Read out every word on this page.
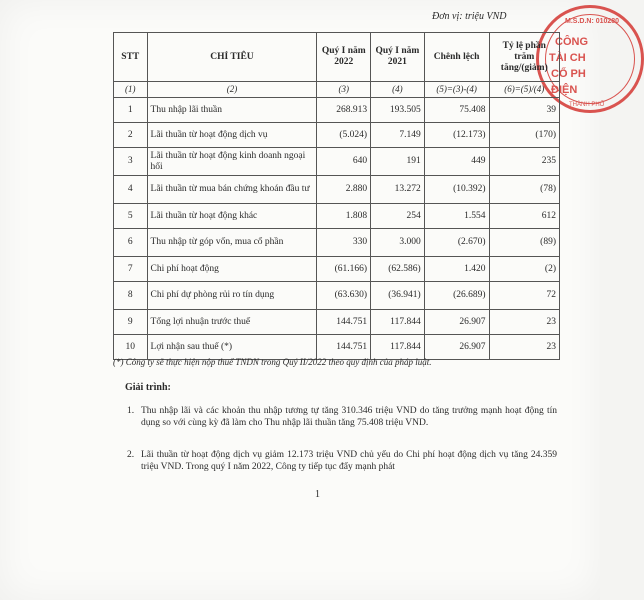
Đơn vị: triệu VND	M.S.D.N: 010280
CÔNG
TÀI CH
CỔ PH
ĐIỆN
THÀNH PHỐ
STT	CHỈ TIÊU	Quý I năm 2022	Quý I năm 2021	Chênh lệch	Tỷ lệ phần trăm tăng/(giảm)
(1)	(2)	(3)	(4)	(5)=(3)-(4)	(6)=(5)/(4)
1	Thu nhập lãi thuần	268.913	193.505	75.408	39
2	Lãi thuần từ hoạt động dịch vụ	(5.024)	7.149	(12.173)	(170)
3	Lãi thuần từ hoạt động kinh doanh ngoại hối	640	191	449	235
4	Lãi thuần từ mua bán chứng khoán đầu tư	2.880	13.272	(10.392)	(78)
5	Lãi thuần từ hoạt động khác	1.808	254	1.554	612
6	Thu nhập từ góp vốn, mua cổ phần	330	3.000	(2.670)	(89)
7	Chi phí hoạt động	(61.166)	(62.586)	1.420	(2)
8	Chi phí dự phòng rủi ro tín dụng	(63.630)	(36.941)	(26.689)	72
9	Tổng lợi nhuận trước thuế	144.751	117.844	26.907	23
10	Lợi nhận sau thuế (*)	144.751	117.844	26.907	23
(*) Công ty sẽ thực hiện nộp thuế TNDN trong Quý II/2022 theo quy định của pháp luật.
Giải trình:
1. Thu nhập lãi và các khoản thu nhập tương tự tăng 310.346 triệu VND do tăng trưởng mạnh hoạt động tín dụng so với cùng kỳ đã làm cho Thu nhập lãi thuần tăng 75.408 triệu VND.
2. Lãi thuần từ hoạt động dịch vụ giảm 12.173 triệu VND chủ yếu do Chi phí hoạt động dịch vụ tăng 24.359 triệu VND. Trong quý I năm 2022, Công ty tiếp tục đẩy mạnh phát
1
